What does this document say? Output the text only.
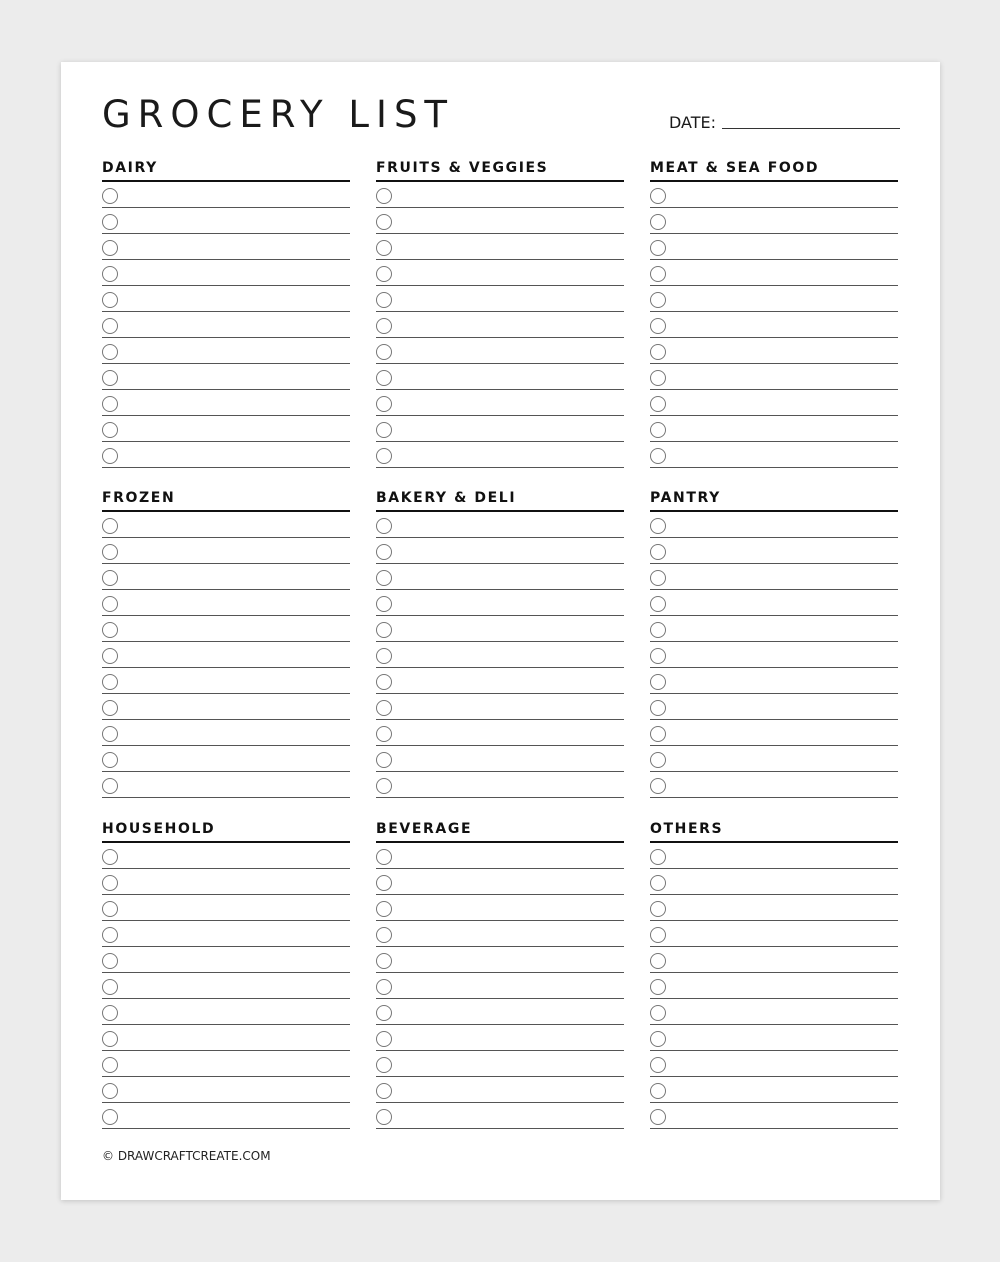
GROCERY LIST	DATE:
DAIRY	FRUITS & VEGGIES	MEAT & SEA FOOD
FROZEN	BAKERY & DELI	PANTRY
HOUSEHOLD	BEVERAGE	OTHERS
© DRAWCRAFTCREATE.COM
